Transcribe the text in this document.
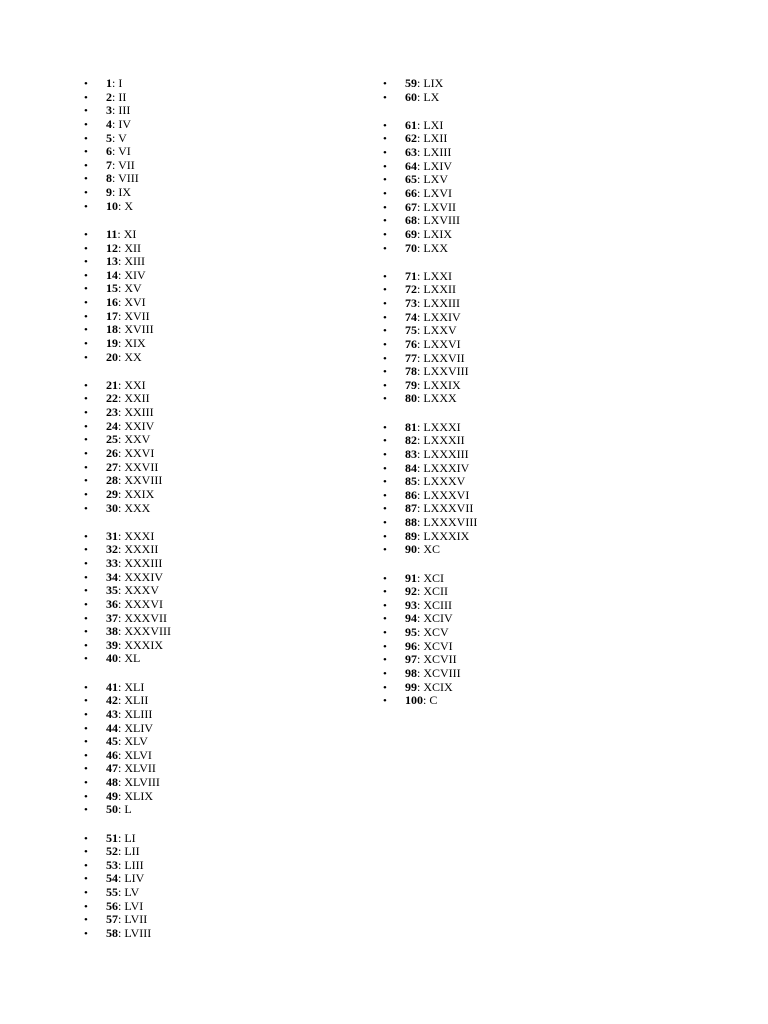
• 1: I
• 2: II
• 3: III
• 4: IV
• 5: V
• 6: VI
• 7: VII
• 8: VIII
• 9: IX
• 10: X
• 11: XI
• 12: XII
• 13: XIII
• 14: XIV
• 15: XV
• 16: XVI
• 17: XVII
• 18: XVIII
• 19: XIX
• 20: XX
• 21: XXI
• 22: XXII
• 23: XXIII
• 24: XXIV
• 25: XXV
• 26: XXVI
• 27: XXVII
• 28: XXVIII
• 29: XXIX
• 30: XXX
• 31: XXXI
• 32: XXXII
• 33: XXXIII
• 34: XXXIV
• 35: XXXV
• 36: XXXVI
• 37: XXXVII
• 38: XXXVIII
• 39: XXXIX
• 40: XL
• 41: XLI
• 42: XLII
• 43: XLIII
• 44: XLIV
• 45: XLV
• 46: XLVI
• 47: XLVII
• 48: XLVIII
• 49: XLIX
• 50: L
• 51: LI
• 52: LII
• 53: LIII
• 54: LIV
• 55: LV
• 56: LVI
• 57: LVII
• 58: LVIII
• 59: LIX
• 60: LX
• 61: LXI
• 62: LXII
• 63: LXIII
• 64: LXIV
• 65: LXV
• 66: LXVI
• 67: LXVII
• 68: LXVIII
• 69: LXIX
• 70: LXX
• 71: LXXI
• 72: LXXII
• 73: LXXIII
• 74: LXXIV
• 75: LXXV
• 76: LXXVI
• 77: LXXVII
• 78: LXXVIII
• 79: LXXIX
• 80: LXXX
• 81: LXXXI
• 82: LXXXII
• 83: LXXXIII
• 84: LXXXIV
• 85: LXXXV
• 86: LXXXVI
• 87: LXXXVII
• 88: LXXXVIII
• 89: LXXXIX
• 90: XC
• 91: XCI
• 92: XCII
• 93: XCIII
• 94: XCIV
• 95: XCV
• 96: XCVI
• 97: XCVII
• 98: XCVIII
• 99: XCIX
• 100: C
